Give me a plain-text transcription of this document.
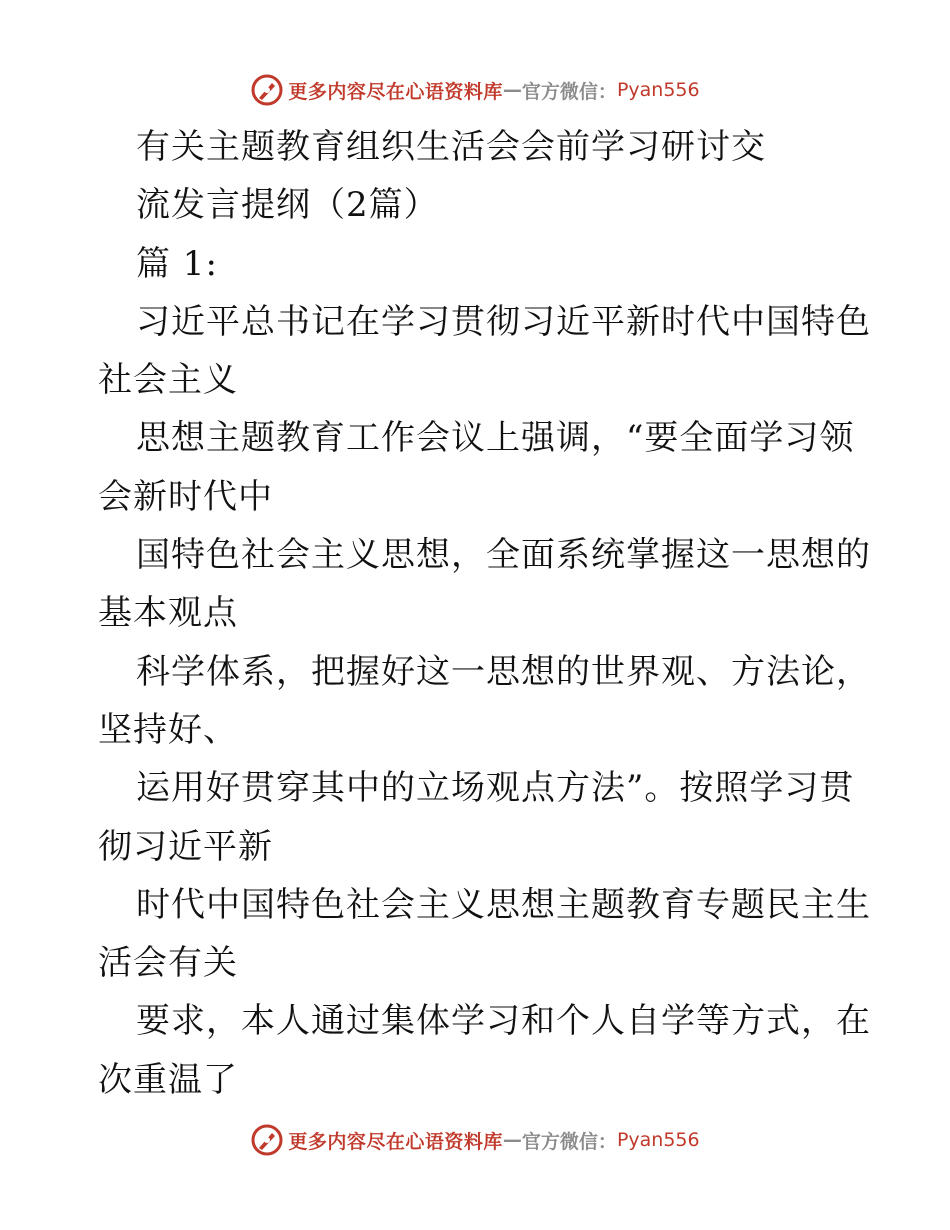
更多内容尽在心语资料库 — 官方微信： Pyan556
有关主题教育组织生活会会前学习研讨交
流发言提纲（2篇）
篇 1:
习近平总书记在学习贯彻习近平新时代中国特色
社会主义
思想主题教育工作会议上强调，“要全面学习领
会新时代中
国特色社会主义思想，全面系统掌握这一思想的
基本观点
科学体系，把握好这一思想的世界观、方法论，
坚持好、
运用好贯穿其中的立场观点方法”。按照学习贯
彻习近平新
时代中国特色社会主义思想主题教育专题民主生
活会有关
要求，本人通过集体学习和个人自学等方式，在
次重温了
更多内容尽在心语资料库 — 官方微信： Pyan556
